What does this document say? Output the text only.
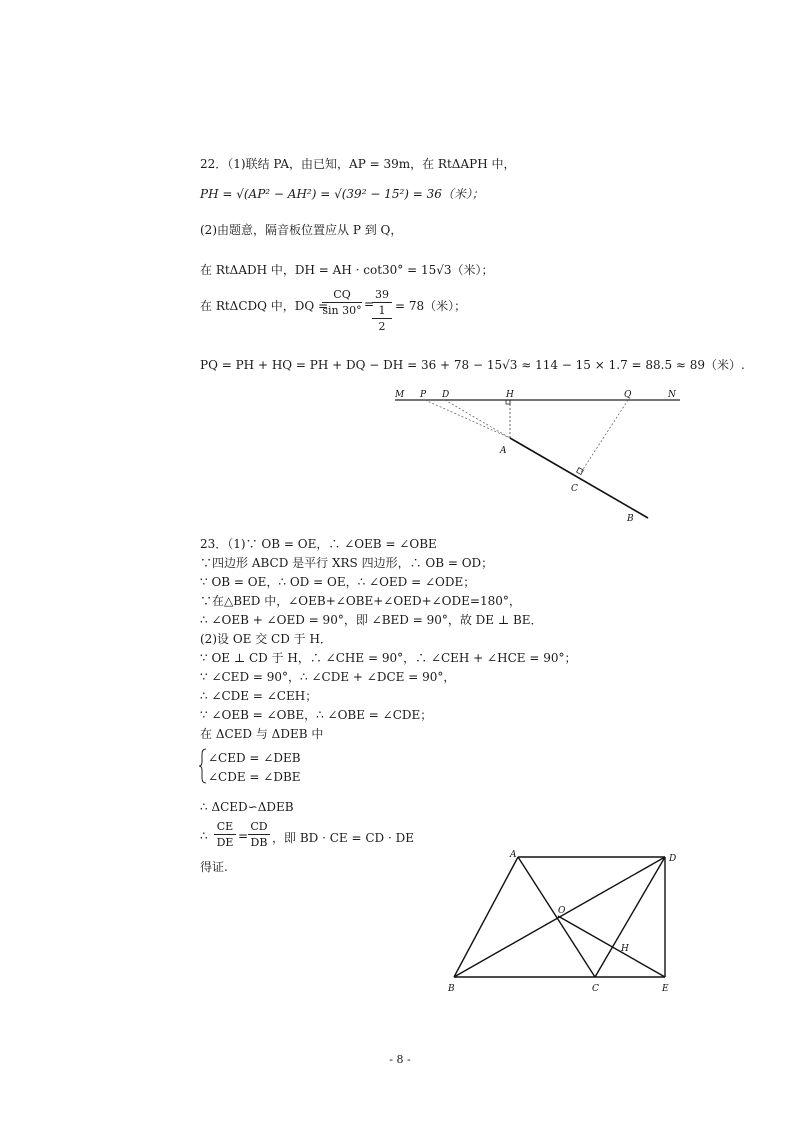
22．（1)联结 PA，由已知，AP = 39m，在 RtΔAPH 中，
PH = √(AP² − AH²) = √(39² − 15²) = 36（米）；
(2)由题意，隔音板位置应从 P 到 Q，
在 RtΔADH 中，DH = AH · cot30° = 15√3（米）；
在 RtΔCDQ 中，DQ =
CQ
sin 30° =
39
1
2
= 78（米）；
PQ = PH + HQ = PH + DQ − DH = 36 + 78 − 15√3 ≈ 114 − 15 × 1.7 = 88.5 ≈ 89（米）.
M P D	H	Q	N
A
C
B
23．（1)∵ OB = OE，∴ ∠OEB = ∠OBE
∵四边形 ABCD 是平行 XRS 四边形，∴ OB = OD；
∵ OB = OE，∴ OD = OE，∴ ∠OED = ∠ODE；
∵在△BED 中，∠OEB+∠OBE+∠OED+∠ODE=180°，
∴ ∠OEB + ∠OED = 90°，即 ∠BED = 90°，故 DE ⊥ BE．
(2)设 OE 交 CD 于 H．
∵ OE ⊥ CD 于 H，∴ ∠CHE = 90°，∴ ∠CEH + ∠HCE = 90°；
∵ ∠CED = 90°，∴ ∠CDE + ∠DCE = 90°，
∴ ∠CDE = ∠CEH；
∵ ∠OEB = ∠OBE，∴ ∠OBE = ∠CDE；
在 ΔCED 与 ΔDEB 中
∠CED = ∠DEB
∠CDE = ∠DBE
∴ ΔCED∽ΔDEB
∴
CE
DE =
CD
DB ，即 BD · CE = CD · DE
得证.
A	D
O
H
B	C	E
- 8 -
